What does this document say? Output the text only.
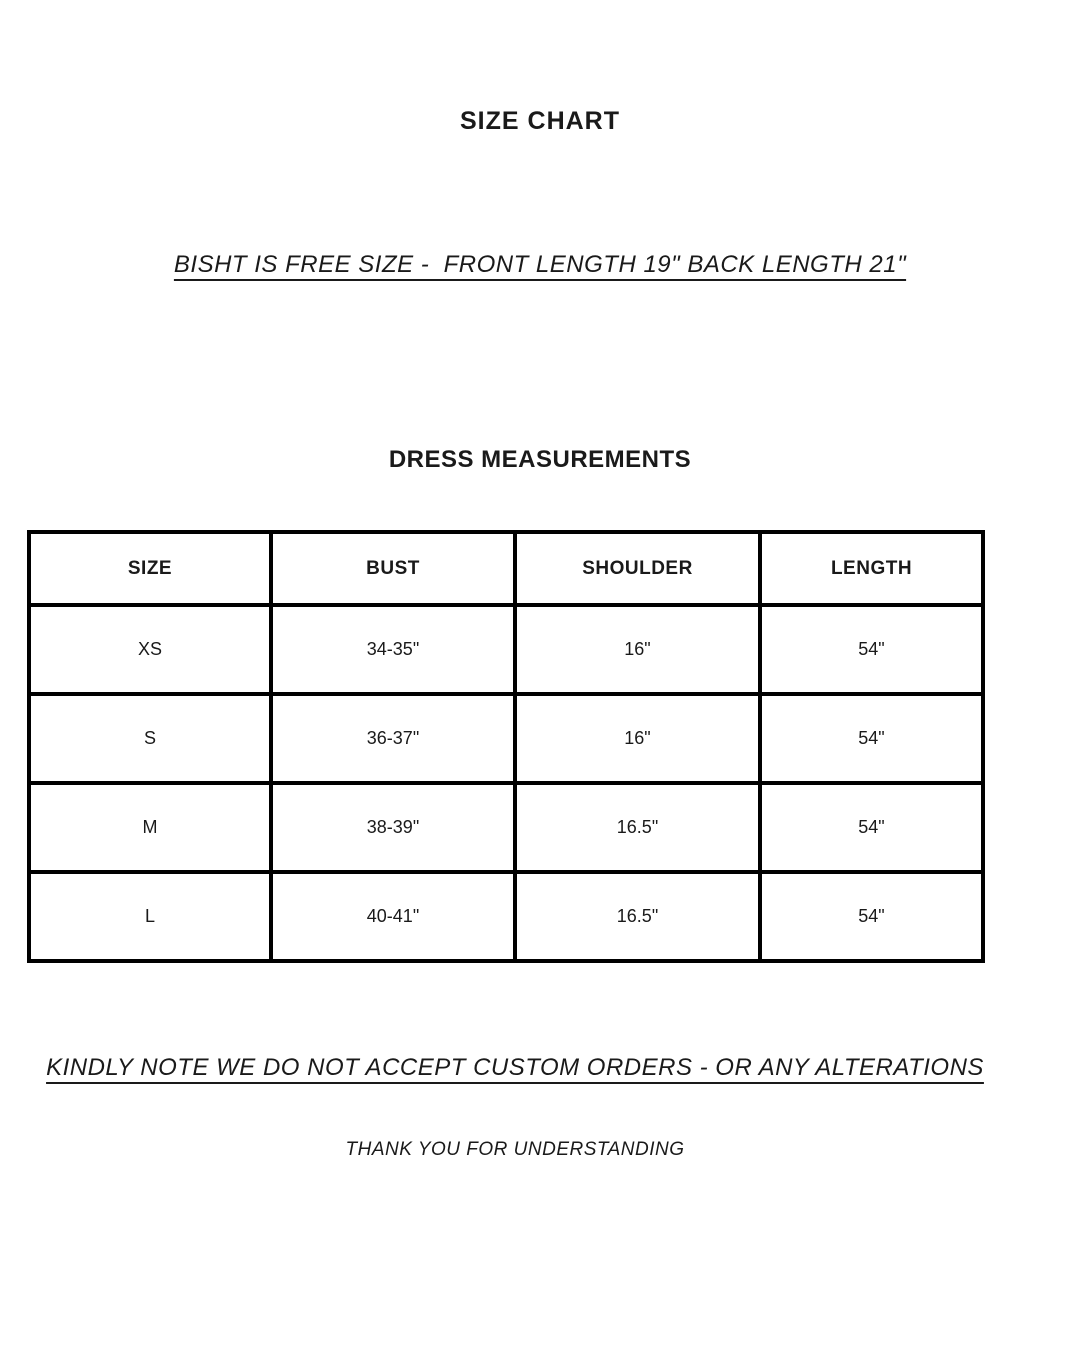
SIZE CHART
BISHT IS FREE SIZE -  FRONT LENGTH 19" BACK LENGTH 21"
DRESS MEASUREMENTS
SIZE	BUST	SHOULDER	LENGTH
XS	34-35"	16"	54"
S	36-37"	16"	54"
M	38-39"	16.5"	54"
L	40-41"	16.5"	54"
KINDLY NOTE WE DO NOT ACCEPT CUSTOM ORDERS - OR ANY ALTERATIONS
THANK YOU FOR UNDERSTANDING
